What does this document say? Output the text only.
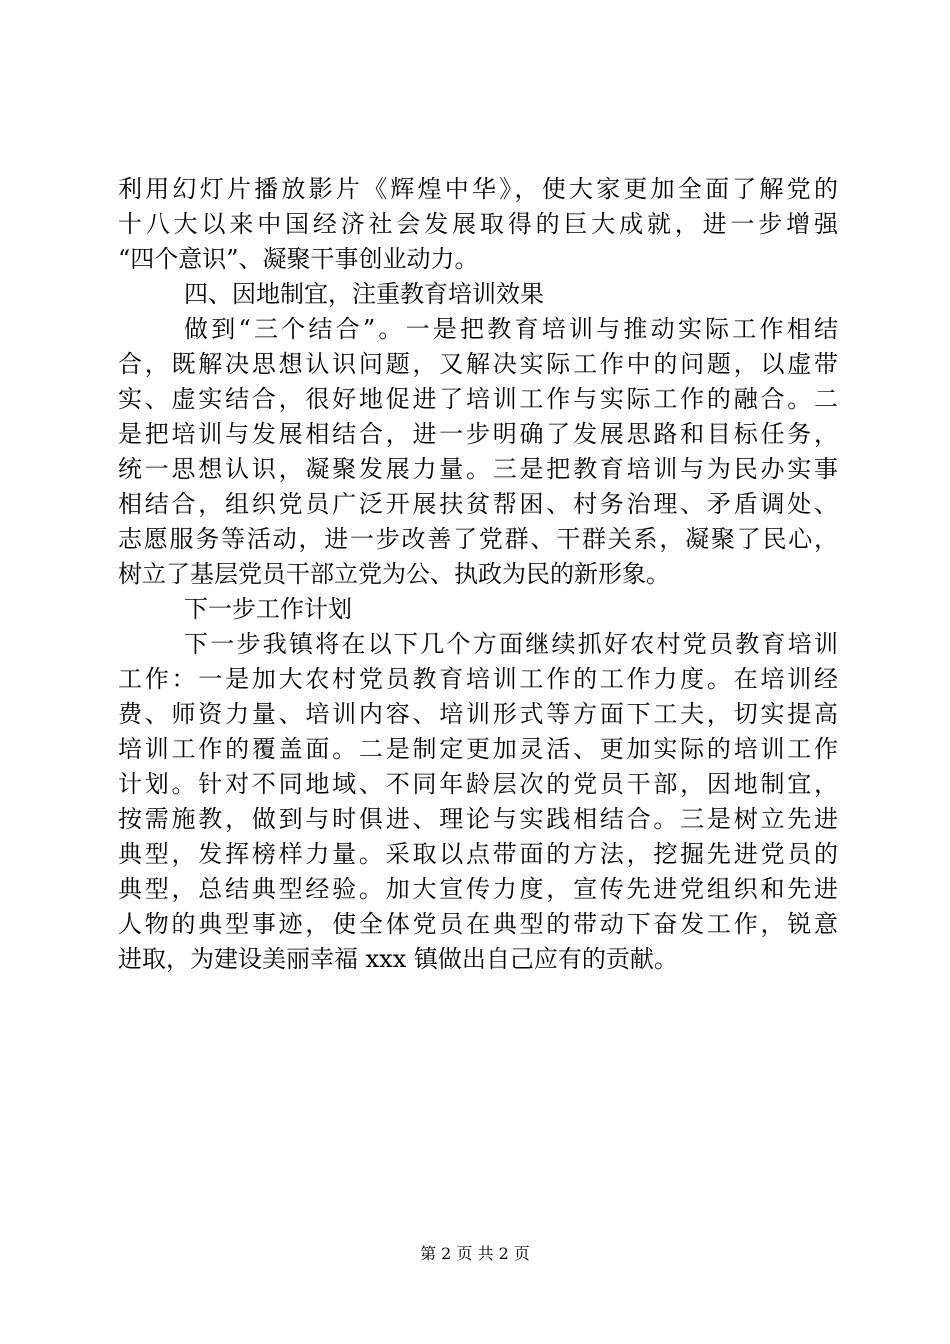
利用幻灯片播放影片《辉煌中华》，使大家更加全面了解党的
十八大以来中国经济社会发展取得的巨大成就，进一步增强
“四个意识”、凝聚干事创业动力。
四、因地制宜，注重教育培训效果
做到“三个结合”。一是把教育培训与推动实际工作相结
合，既解决思想认识问题，又解决实际工作中的问题，以虚带
实、虚实结合，很好地促进了培训工作与实际工作的融合。二
是把培训与发展相结合，进一步明确了发展思路和目标任务，
统一思想认识，凝聚发展力量。三是把教育培训与为民办实事
相结合，组织党员广泛开展扶贫帮困、村务治理、矛盾调处、
志愿服务等活动，进一步改善了党群、干群关系，凝聚了民心，
树立了基层党员干部立党为公、执政为民的新形象。
下一步工作计划
下一步我镇将在以下几个方面继续抓好农村党员教育培训
工作：一是加大农村党员教育培训工作的工作力度。在培训经
费、师资力量、培训内容、培训形式等方面下工夫，切实提高
培训工作的覆盖面。二是制定更加灵活、更加实际的培训工作
计划。针对不同地域、不同年龄层次的党员干部，因地制宜，
按需施教，做到与时俱进、理论与实践相结合。三是树立先进
典型，发挥榜样力量。采取以点带面的方法，挖掘先进党员的
典型，总结典型经验。加大宣传力度，宣传先进党组织和先进
人物的典型事迹，使全体党员在典型的带动下奋发工作，锐意
进取，为建设美丽幸福 xxx 镇做出自己应有的贡献。
第 2 页 共 2 页
